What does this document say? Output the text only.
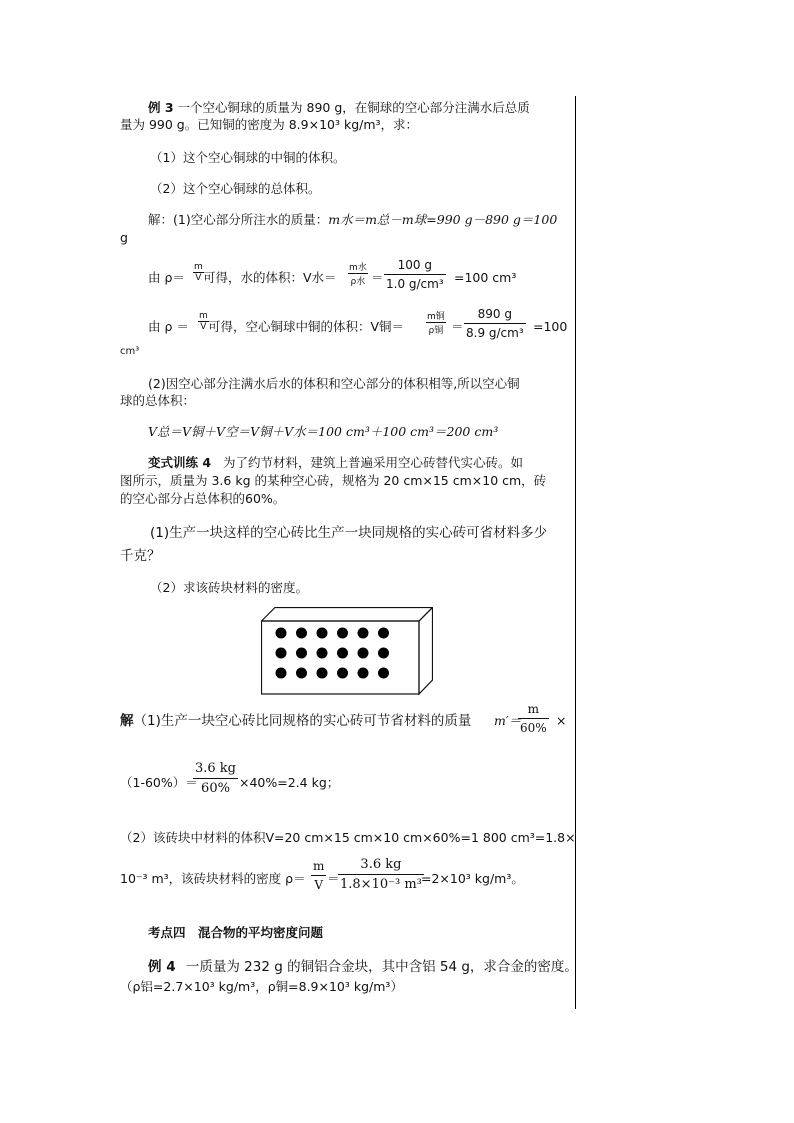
例 3 一个空心铜球的质量为 890 g，在铜球的空心部分注满水后总质
量为 990 g。已知铜的密度为 8.9×10³ kg/m³，求：
（1）这个空心铜球的中铜的体积。
（2）这个空心铜球的总体积。
解：(1)空心部分所注水的质量：m水＝m总－m球=990 g－890 g＝100
g
由 $\rho= \frac{m}{V}$ 可得，水的体积：V水＝
m水
ρ水 ＝ $\frac{100 g}{\text{1.0 g/cm³}} =100$ cm³
由 $\rho = \frac{m}{V}$ 可得，空心铜球中铜的体积：V铜＝
m铜
ρ铜 ＝ $\frac{890 g}{\text{8.9 g/cm³}} =100$
cm³
(2)因空心部分注满水后水的体积和空心部分的体积相等,所以空心铜
球的总体积：
V总＝V铜＋V空＝V铜＋V水＝100 cm³＋100 cm³＝200 cm³
变式训练 4 为了约节材料，建筑上普遍采用空心砖替代实心砖。如
图所示，质量为 3.6 kg 的某种空心砖，规格为 20 cm×15 cm×10 cm，砖
的空心部分占总体积的60%。
(1)生产一块这样的空心砖比生产一块同规格的实心砖可省材料多少
千克？
（2）求该砖块材料的密度。
解（1)生产一块空心砖比同规格的实心砖可节省材料的质量 m′＝
$\frac{m}{60\%}$ ×
（1-60%）＝
$\frac{3.6 kg}{60\%} \times 40\%=2.4$ kg；
（2）该砖块中材料的体积V=20 cm×15 cm×10 cm×60%=1 800 cm³=1.8×
10⁻³ m³，该砖块材料的密度 $\rho= \frac{m}{V}$ ＝
$\frac{3.6 kg}{\text{1.8×10⁻³ m³}}$
=2×10³ kg/m³。
考点四　混合物的平均密度问题
例 4 一质量为 232 g 的铜铝合金块，其中含铝 54 g，求合金的密度。
（ρ铝=2.7×10³ kg/m³，ρ铜=8.9×10³ kg/m³）
